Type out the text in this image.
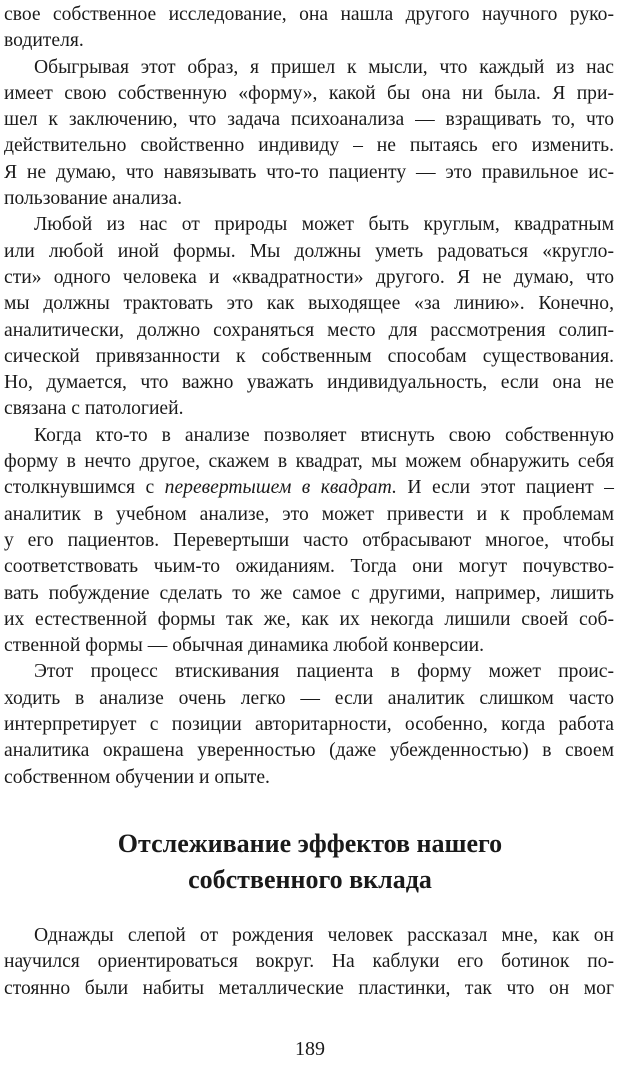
свое собственное исследование, она нашла другого научного руко-
водителя.
Обыгрывая этот образ, я пришел к мысли, что каждый из нас
имеет свою собственную «форму», какой бы она ни была. Я при-
шел к заключению, что задача психоанализа — взращивать то, что
действительно свойственно индивиду – не пытаясь его изменить.
Я не думаю, что навязывать что-то пациенту — это правильное ис-
пользование анализа.
Любой из нас от природы может быть круглым, квадратным
или любой иной формы. Мы должны уметь радоваться «кругло-
сти» одного человека и «квадратности» другого. Я не думаю, что
мы должны трактовать это как выходящее «за линию». Конечно,
аналитически, должно сохраняться место для рассмотрения солип-
сической привязанности к собственным способам существования.
Но, думается, что важно уважать индивидуальность, если она не
связана с патологией.
Когда кто-то в анализе позволяет втиснуть свою собственную
форму в нечто другое, скажем в квадрат, мы можем обнаружить себя
столкнувшимся с перевертышем в квадрат. И если этот пациент –
аналитик в учебном анализе, это может привести и к проблемам
у его пациентов. Перевертыши часто отбрасывают многое, чтобы
соответствовать чьим-то ожиданиям. Тогда они могут почувство-
вать побуждение сделать то же самое с другими, например, лишить
их естественной формы так же, как их некогда лишили своей соб-
ственной формы — обычная динамика любой конверсии.
Этот процесс втискивания пациента в форму может проис-
ходить в анализе очень легко — если аналитик слишком часто
интерпретирует с позиции авторитарности, особенно, когда работа
аналитика окрашена уверенностью (даже убежденностью) в своем
собственном обучении и опыте.
Отслеживание эффектов нашего
собственного вклада
Однажды слепой от рождения человек рассказал мне, как он
научился ориентироваться вокруг. На каблуки его ботинок по-
стоянно были набиты металлические пластинки, так что он мог
189
